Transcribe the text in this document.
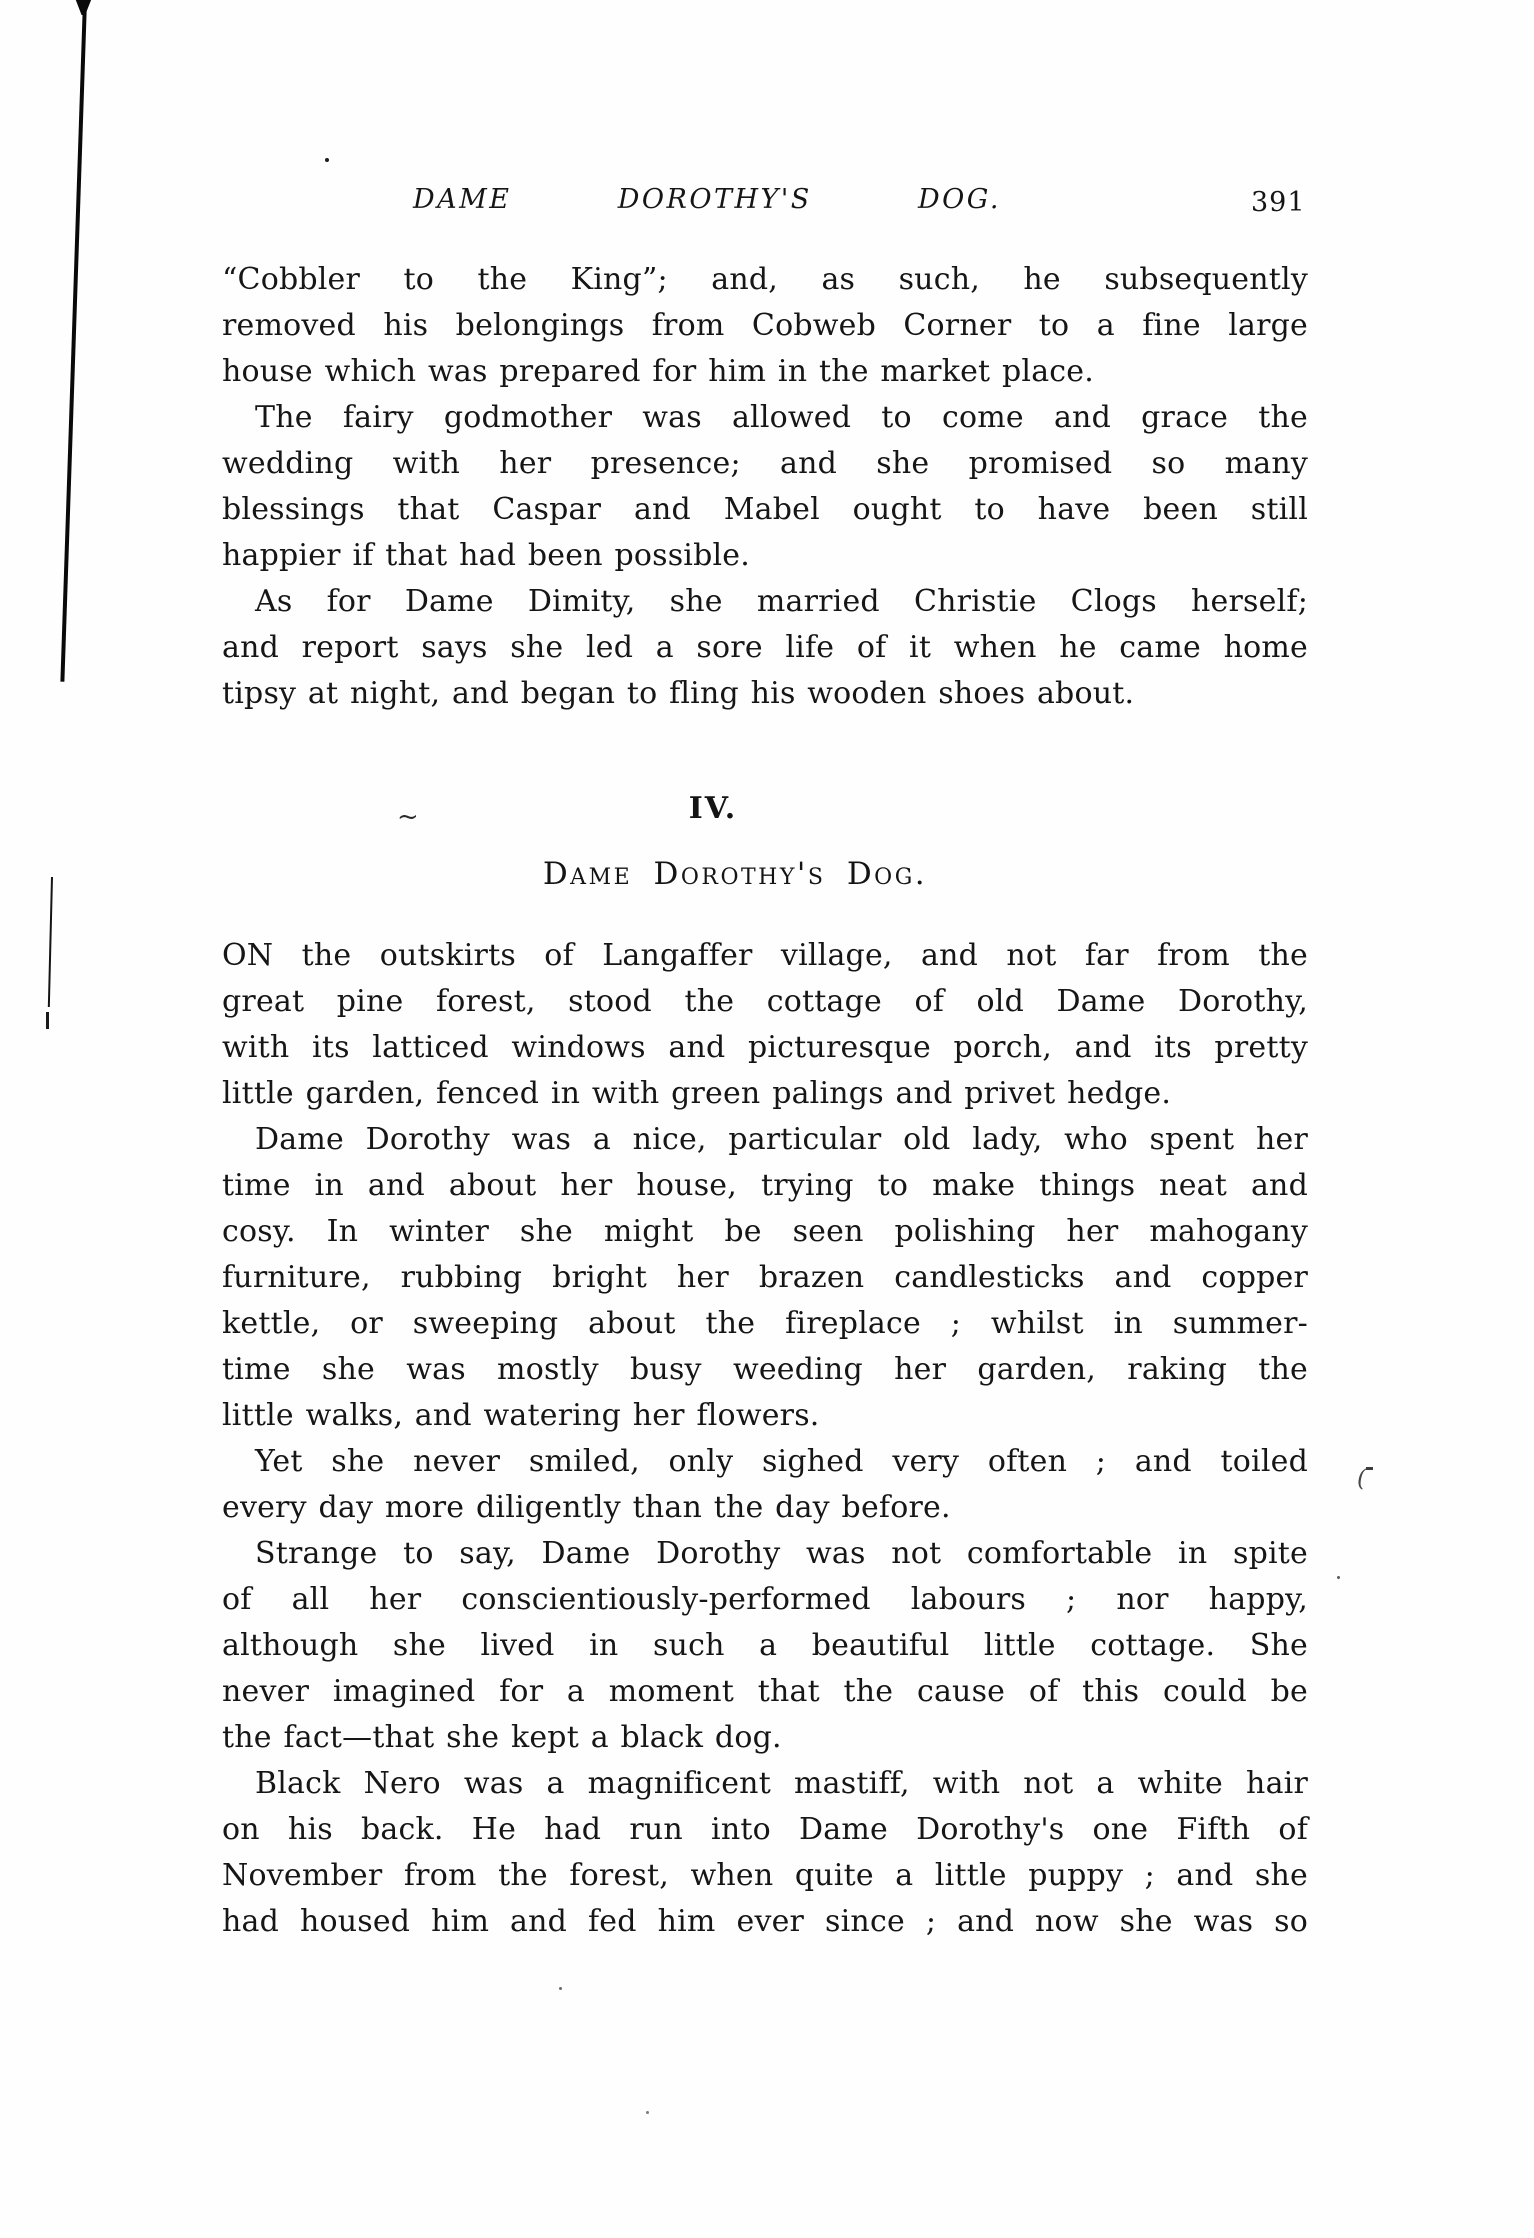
DAME DOROTHY'S DOG.	391
“Cobbler to the King”; and, as such, he subsequently
removed his belongings from Cobweb Corner to a fine large
house which was prepared for him in the market place.
The fairy godmother was allowed to come and grace the
wedding with her presence; and she promised so many
blessings that Caspar and Mabel ought to have been still
happier if that had been possible.
As for Dame Dimity, she married Christie Clogs herself;
and report says she led a sore life of it when he came home
tipsy at night, and began to fling his wooden shoes about.
IV.
Dame Dorothy's Dog.
ON the outskirts of Langaffer village, and not far from the
great pine forest, stood the cottage of old Dame Dorothy,
with its latticed windows and picturesque porch, and its pretty
little garden, fenced in with green palings and privet hedge.
Dame Dorothy was a nice, particular old lady, who spent her
time in and about her house, trying to make things neat and
cosy. In winter she might be seen polishing her mahogany
furniture, rubbing bright her brazen candlesticks and copper
kettle, or sweeping about the fireplace ; whilst in summer-
time she was mostly busy weeding her garden, raking the
little walks, and watering her flowers.
Yet she never smiled, only sighed very often ; and toiled
every day more diligently than the day before.
Strange to say, Dame Dorothy was not comfortable in spite
of all her conscientiously-performed labours ; nor happy,
although she lived in such a beautiful little cottage. She
never imagined for a moment that the cause of this could be
the fact—that she kept a black dog.
Black Nero was a magnificent mastiff, with not a white hair
on his back. He had run into Dame Dorothy's one Fifth of
November from the forest, when quite a little puppy ; and she
had housed him and fed him ever since ; and now she was so
~
(
